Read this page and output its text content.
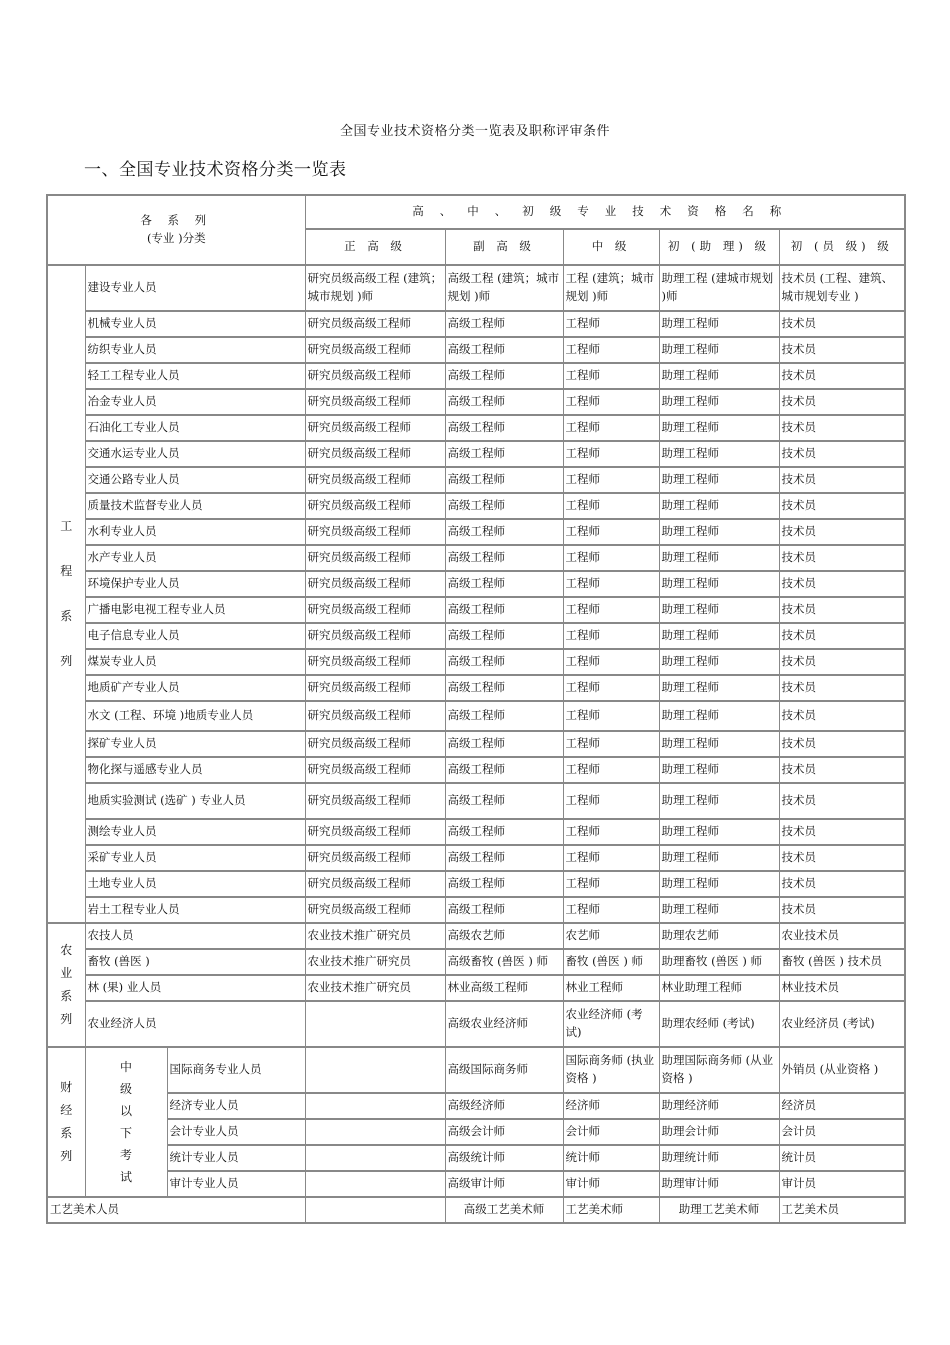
全国专业技术资格分类一览表及职称评审条件
一、全国专业技术资格分类一览表
各 系 列
(专业 )分类			高、中、初级专业技术资格名称				
			正 高 级	副 高 级	中 级	初 (助 理) 级	初 (员 级) 级

工程系列	建设专业人员		研究员级高级工程 (建筑；城市规划 )师	高级工程 (建筑；城市规划 )师	工程 (建筑；城市规划 )师	助理工程 (建城市规划 )师	技术员 (工程、建筑、城市规划专业 )
	机械专业人员		研究员级高级工程师	高级工程师	工程师	助理工程师	技术员
	纺织专业人员		研究员级高级工程师	高级工程师	工程师	助理工程师	技术员
	轻工工程专业人员		研究员级高级工程师	高级工程师	工程师	助理工程师	技术员
	冶金专业人员		研究员级高级工程师	高级工程师	工程师	助理工程师	技术员
	石油化工专业人员		研究员级高级工程师	高级工程师	工程师	助理工程师	技术员
	交通水运专业人员		研究员级高级工程师	高级工程师	工程师	助理工程师	技术员
	交通公路专业人员		研究员级高级工程师	高级工程师	工程师	助理工程师	技术员
	质量技术监督专业人员		研究员级高级工程师	高级工程师	工程师	助理工程师	技术员
	水利专业人员		研究员级高级工程师	高级工程师	工程师	助理工程师	技术员
	水产专业人员		研究员级高级工程师	高级工程师	工程师	助理工程师	技术员
	环境保护专业人员		研究员级高级工程师	高级工程师	工程师	助理工程师	技术员
	广播电影电视工程专业人员		研究员级高级工程师	高级工程师	工程师	助理工程师	技术员
	电子信息专业人员		研究员级高级工程师	高级工程师	工程师	助理工程师	技术员
	煤炭专业人员		研究员级高级工程师	高级工程师	工程师	助理工程师	技术员
	地质矿产专业人员		研究员级高级工程师	高级工程师	工程师	助理工程师	技术员
	水文 (工程、环境 )地质专业人员		研究员级高级工程师	高级工程师	工程师	助理工程师	技术员
	探矿专业人员		研究员级高级工程师	高级工程师	工程师	助理工程师	技术员
	物化探与遥感专业人员		研究员级高级工程师	高级工程师	工程师	助理工程师	技术员
	地质实验测试 (选矿 ) 专业人员		研究员级高级工程师	高级工程师	工程师	助理工程师	技术员
	测绘专业人员		研究员级高级工程师	高级工程师	工程师	助理工程师	技术员
	采矿专业人员		研究员级高级工程师	高级工程师	工程师	助理工程师	技术员
	土地专业人员		研究员级高级工程师	高级工程师	工程师	助理工程师	技术员
	岩土工程专业人员		研究员级高级工程师	高级工程师	工程师	助理工程师	技术员

农业系列	农技人员		农业技术推广研究员	高级农艺师	农艺师	助理农艺师	农业技术员
	畜牧 (兽医 )		农业技术推广研究员	高级畜牧 (兽医 ) 师	畜牧 (兽医 ) 师	助理畜牧 (兽医 ) 师	畜牧 (兽医 ) 技术员
	林 (果) 业人员		农业技术推广研究员	林业高级工程师	林业工程师	林业助理工程师	林业技术员
	农业经济人员			高级农业经济师	农业经济师 (考试)	助理农经师 (考试)	农业经济员 (考试)

财经系列	中级以下考试	国际商务专业人员		高级国际商务师	国际商务师 (执业资格 )	助理国际商务师 (从业资格 )	外销员 (从业资格 )
		经济专业人员		高级经济师	经济师	助理经济师	经济员
		会计专业人员		高级会计师	会计师	助理会计师	会计员
		统计专业人员		高级统计师	统计师	助理统计师	统计员
		审计专业人员		高级审计师	审计师	助理审计师	审计员
工艺美术人员				高级工艺美术师	工艺美术师	助理工艺美术师	工艺美术员
